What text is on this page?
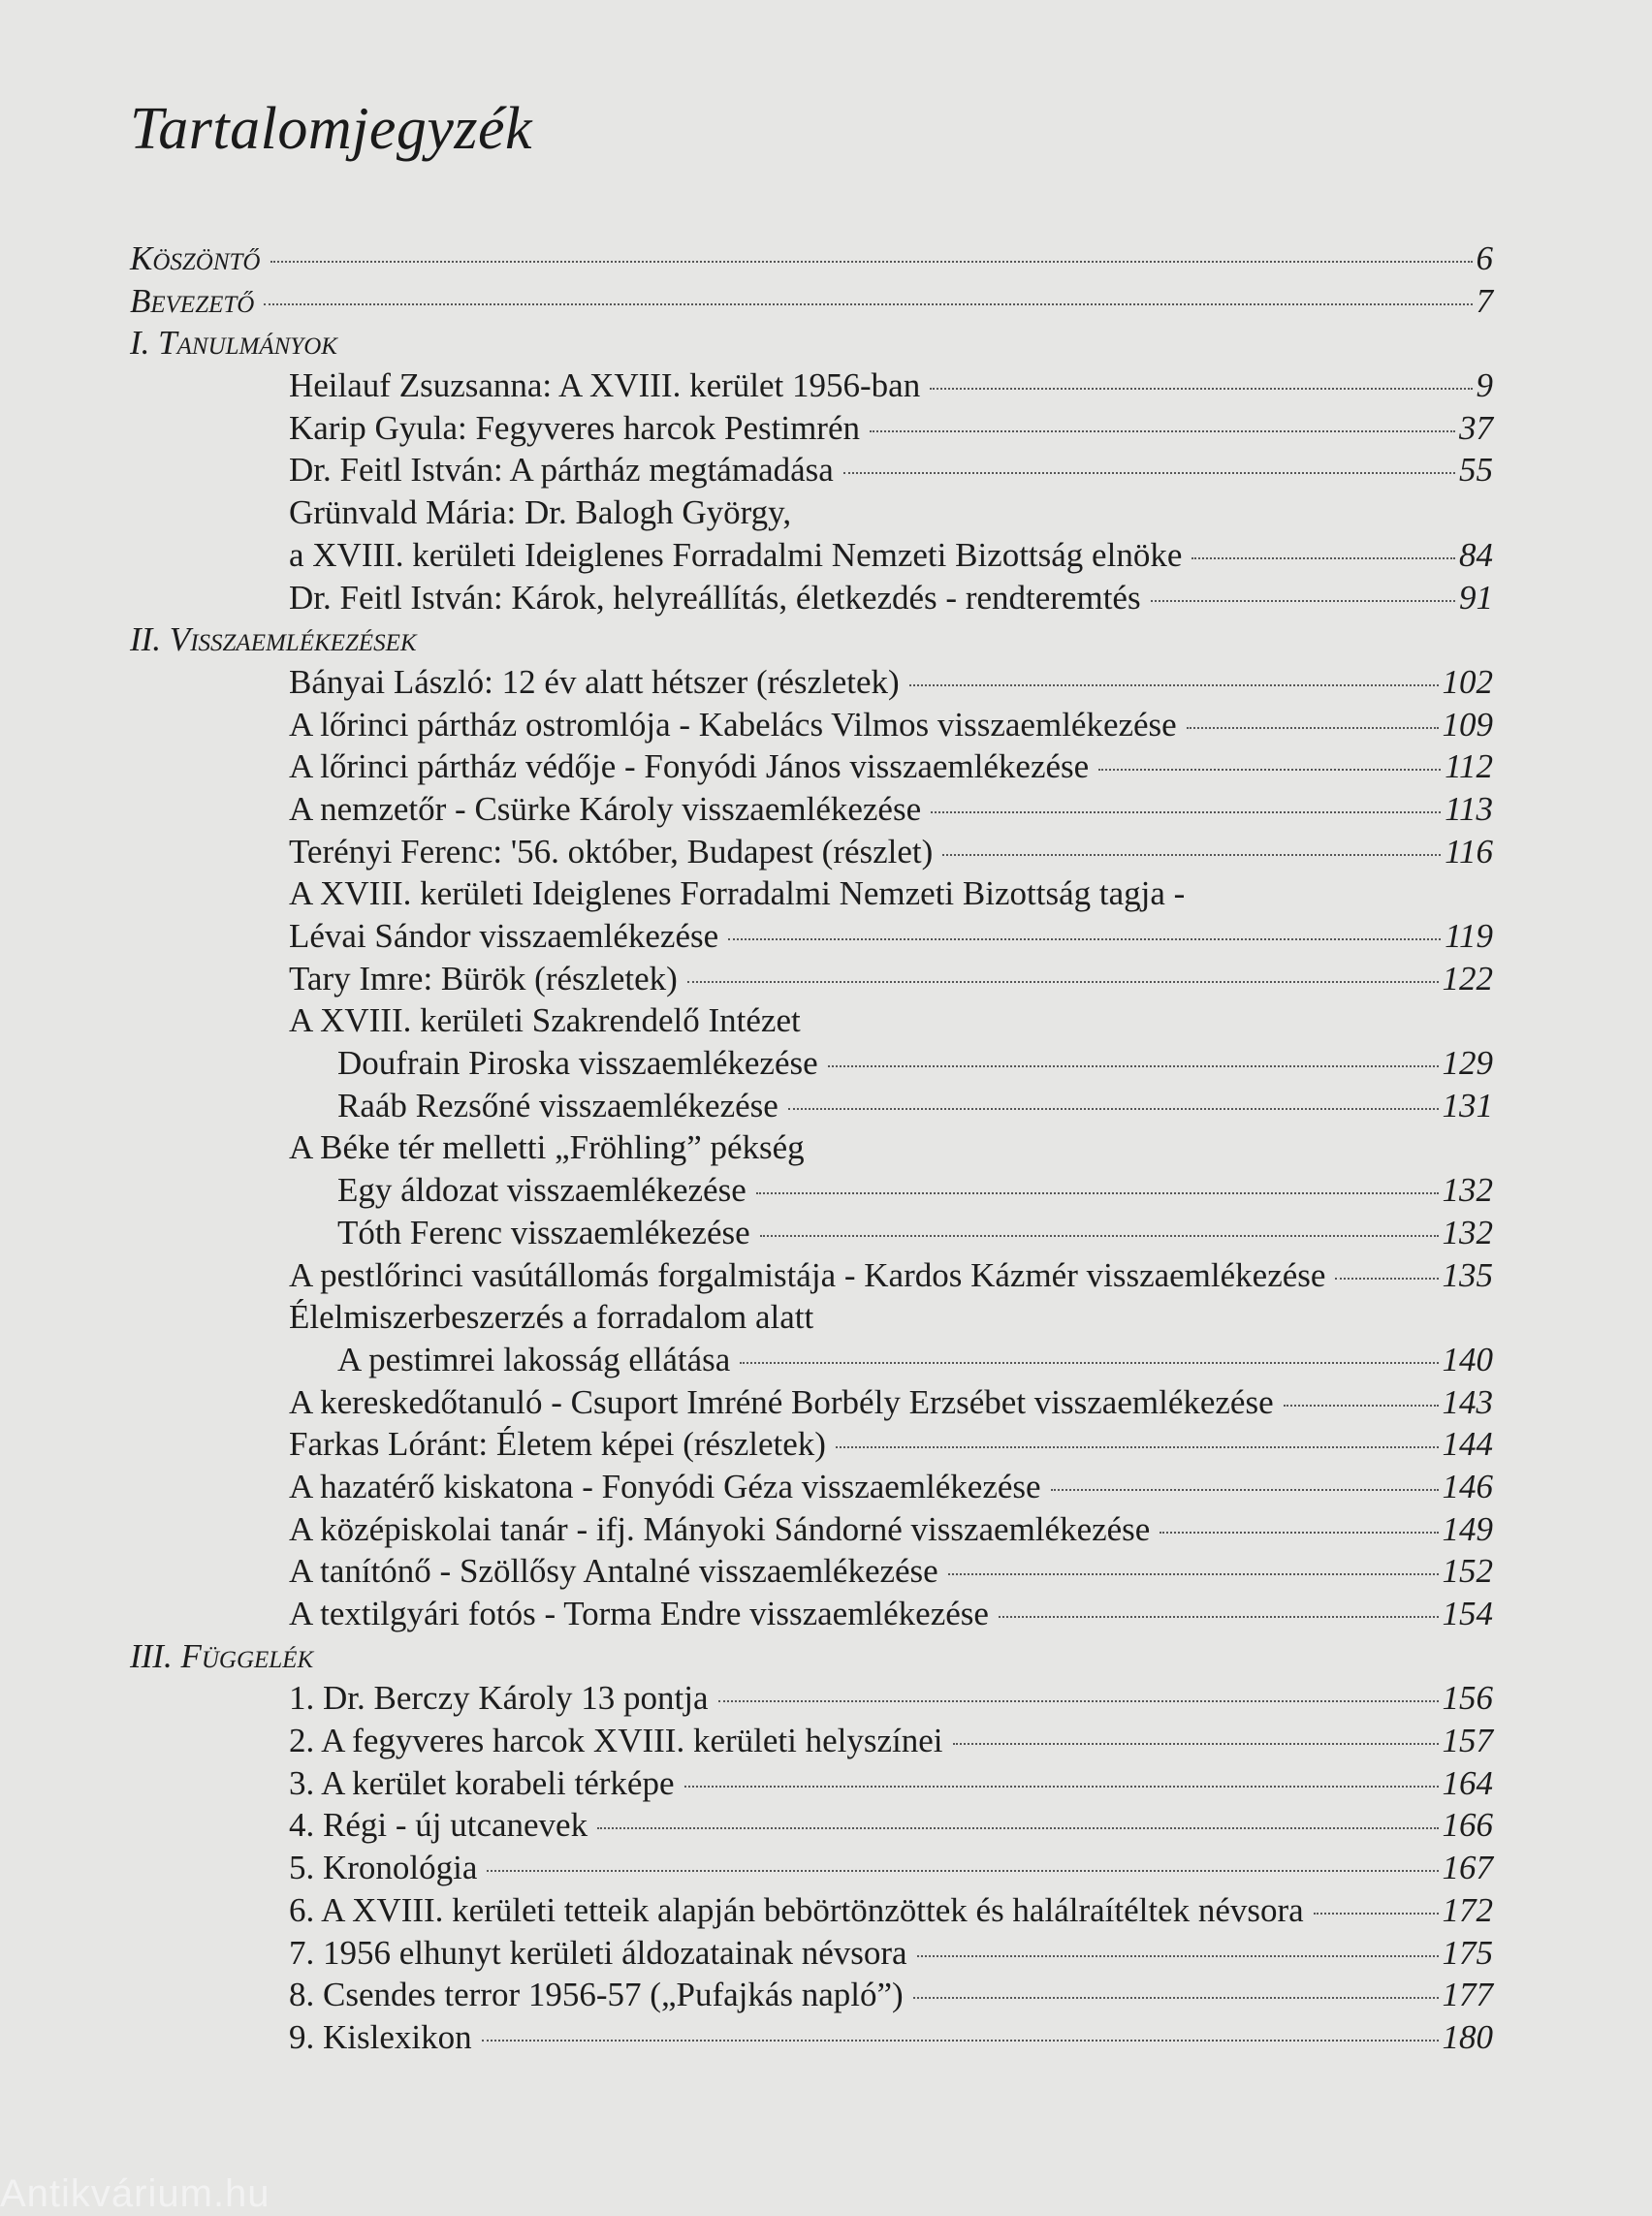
Tartalomjegyzék
Köszöntő	6
Bevezető	7
I. Tanulmányok
Heilauf Zsuzsanna: A XVIII. kerület 1956-ban	9
Karip Gyula: Fegyveres harcok Pestimrén	37
Dr. Feitl István: A pártház megtámadása	55
Grünvald Mária: Dr. Balogh György,
a XVIII. kerületi Ideiglenes Forradalmi Nemzeti Bizottság elnöke	84
Dr. Feitl István: Károk, helyreállítás, életkezdés - rendteremtés	91
II. Visszaemlékezések
Bányai László: 12 év alatt hétszer (részletek)	102
A lőrinci pártház ostromlója - Kabelács Vilmos visszaemlékezése	109
A lőrinci pártház védője - Fonyódi János visszaemlékezése	112
A nemzetőr - Csürke Károly visszaemlékezése	113
Terényi Ferenc: '56. október, Budapest (részlet)	116
A XVIII. kerületi Ideiglenes Forradalmi Nemzeti Bizottság tagja -
Lévai Sándor visszaemlékezése	119
Tary Imre: Bürök (részletek)	122
A XVIII. kerületi Szakrendelő Intézet
Doufrain Piroska visszaemlékezése	129
Raáb Rezsőné visszaemlékezése	131
A Béke tér melletti „Fröhling” pékség
Egy áldozat visszaemlékezése	132
Tóth Ferenc visszaemlékezése	132
A pestlőrinci vasútállomás forgalmistája - Kardos Kázmér visszaemlékezése	135
Élelmiszerbeszerzés a forradalom alatt
A pestimrei lakosság ellátása	140
A kereskedőtanuló - Csuport Imréné Borbély Erzsébet visszaemlékezése	143
Farkas Lóránt: Életem képei (részletek)	144
A hazatérő kiskatona - Fonyódi Géza visszaemlékezése	146
A középiskolai tanár - ifj. Mányoki Sándorné visszaemlékezése	149
A tanítónő - Szöllősy Antalné visszaemlékezése	152
A textilgyári fotós - Torma Endre visszaemlékezése	154
III. Függelék
1. Dr. Berczy Károly 13 pontja	156
2. A fegyveres harcok XVIII. kerületi helyszínei	157
3. A kerület korabeli térképe	164
4. Régi - új utcanevek	166
5. Kronológia	167
6. A XVIII. kerületi tetteik alapján bebörtönzöttek és halálraítéltek névsora	172
7. 1956 elhunyt kerületi áldozatainak névsora	175
8. Csendes terror 1956-57 („Pufajkás napló”)	177
9. Kislexikon	180
Antikvárium.hu
